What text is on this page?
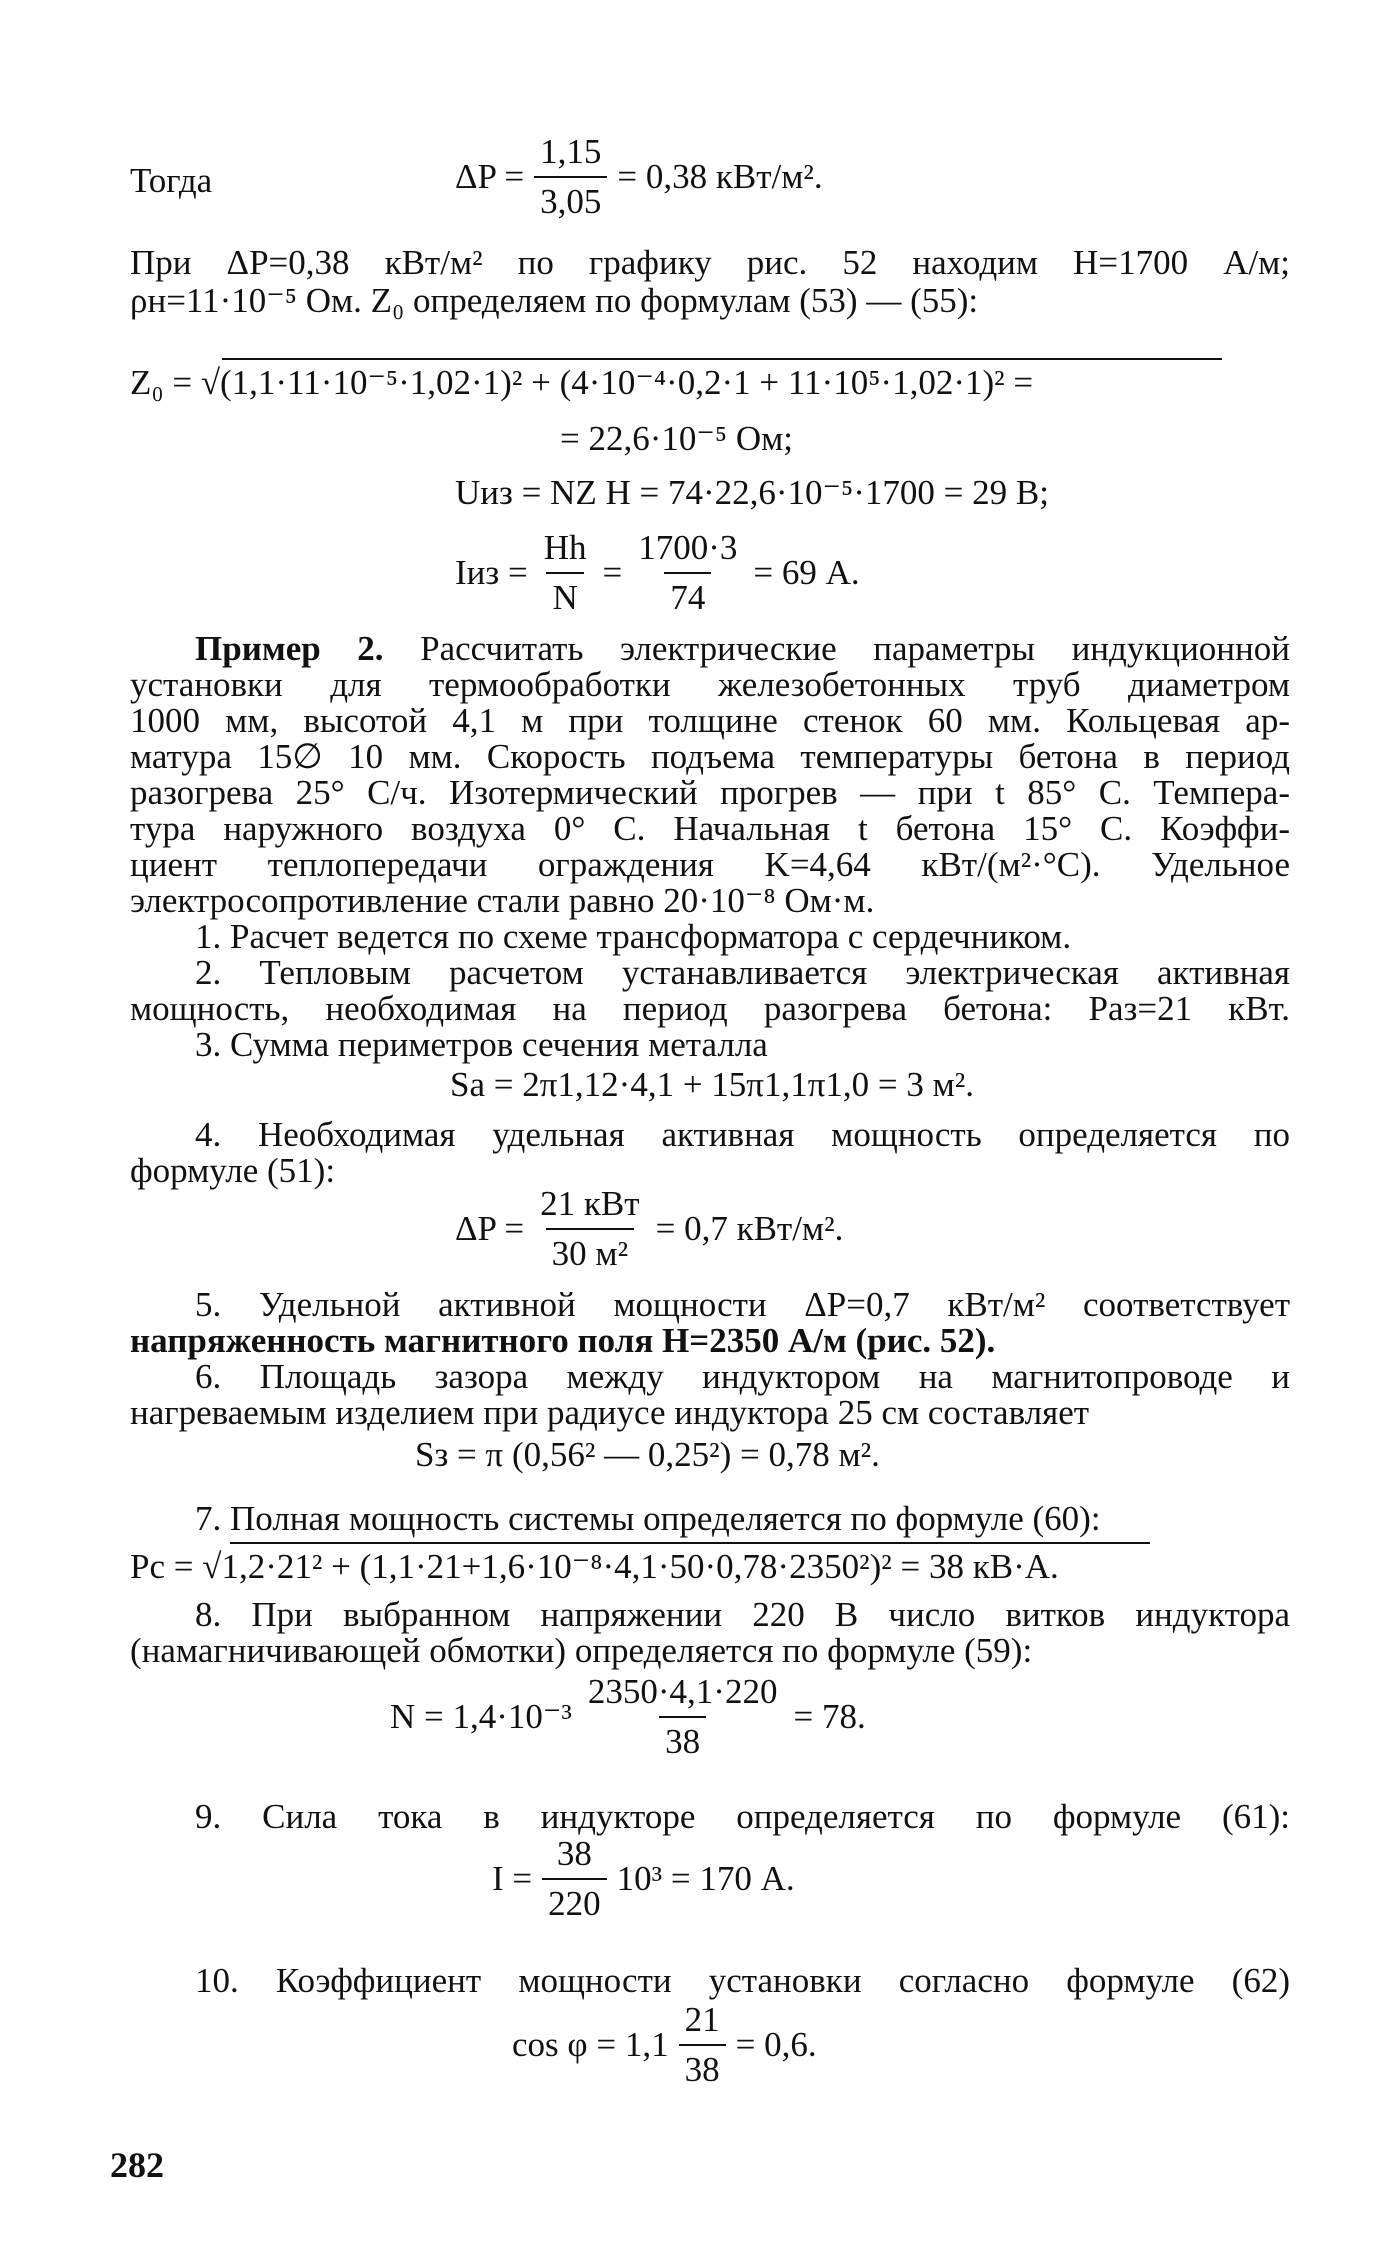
Тогда	$\Delta P = \frac{1,15}{3,05} = 0,38$ кВт/м².
При ΔP=0,38 кВт/м² по графику рис. 52 находим H=1700 А/м;
ρн=11·10⁻⁵ Ом. Z₀ определяем по формулам (53) — (55):
Z₀ = √(1,1·11·10⁻⁵·1,02·1)² + (4·10⁻⁴·0,2·1 + 11·10⁵·1,02·1)² =
= 22,6·10⁻⁵ Ом;
Uиз = NZ H = 74·22,6·10⁻⁵·1700 = 29 В;
Iиз = $\frac{Hh}{N} = \frac{1700\cdot 3}{74} = 69$ А.
Пример 2. Рассчитать электрические параметры индукционной
установки для термообработки железобетонных труб диаметром
1000 мм, высотой 4,1 м при толщине стенок 60 мм. Кольцевая ар-
матура 15∅ 10 мм. Скорость подъема температуры бетона в период
разогрева 25° С/ч. Изотермический прогрев — при t 85° С. Темпера-
тура наружного воздуха 0° С. Начальная t бетона 15° С. Коэффи-
циент теплопередачи ограждения K=4,64 кВт/(м²·°С). Удельное
электросопротивление стали равно 20·10⁻⁸ Ом·м.
1. Расчет ведется по схеме трансформатора с сердечником.
2. Тепловым расчетом устанавливается электрическая активная
мощность, необходимая на период разогрева бетона: Pаз=21 кВт.
3. Сумма периметров сечения металла
Sa = 2π1,12·4,1 + 15π1,1π1,0 = 3 м².
4. Необходимая удельная активная мощность определяется по
формуле (51):
$\Delta P = \frac{\text{21 кВт}}{\text{30 м²}} = 0,7$ кВт/м².
5. Удельной активной мощности ΔP=0,7 кВт/м² соответствует
напряженность магнитного поля H=2350 А/м (рис. 52).
6. Площадь зазора между индуктором на магнитопроводе и
нагреваемым изделием при радиусе индуктора 25 см составляет
Sз = π (0,56² — 0,25²) = 0,78 м².
7. Полная мощность системы определяется по формуле (60):
Pс = √1,2·21² + (1,1·21+1,6·10⁻⁸·4,1·50·0,78·2350²)² = 38 кВ·А.
8. При выбранном напряжении 220 В число витков индуктора
(намагничивающей обмотки) определяется по формуле (59):
$N = 1,4\cdot 10^{-3} \frac{2350\cdot 4,1\cdot 220}{38} = 78$.
9. Сила тока в индукторе определяется по формуле (61):
$I = \frac{38}{220} 10^3 = 170$ А.
10. Коэффициент мощности установки согласно формуле (62)
$\cos \varphi = 1,1 \frac{21}{38} = 0,6$.
282
